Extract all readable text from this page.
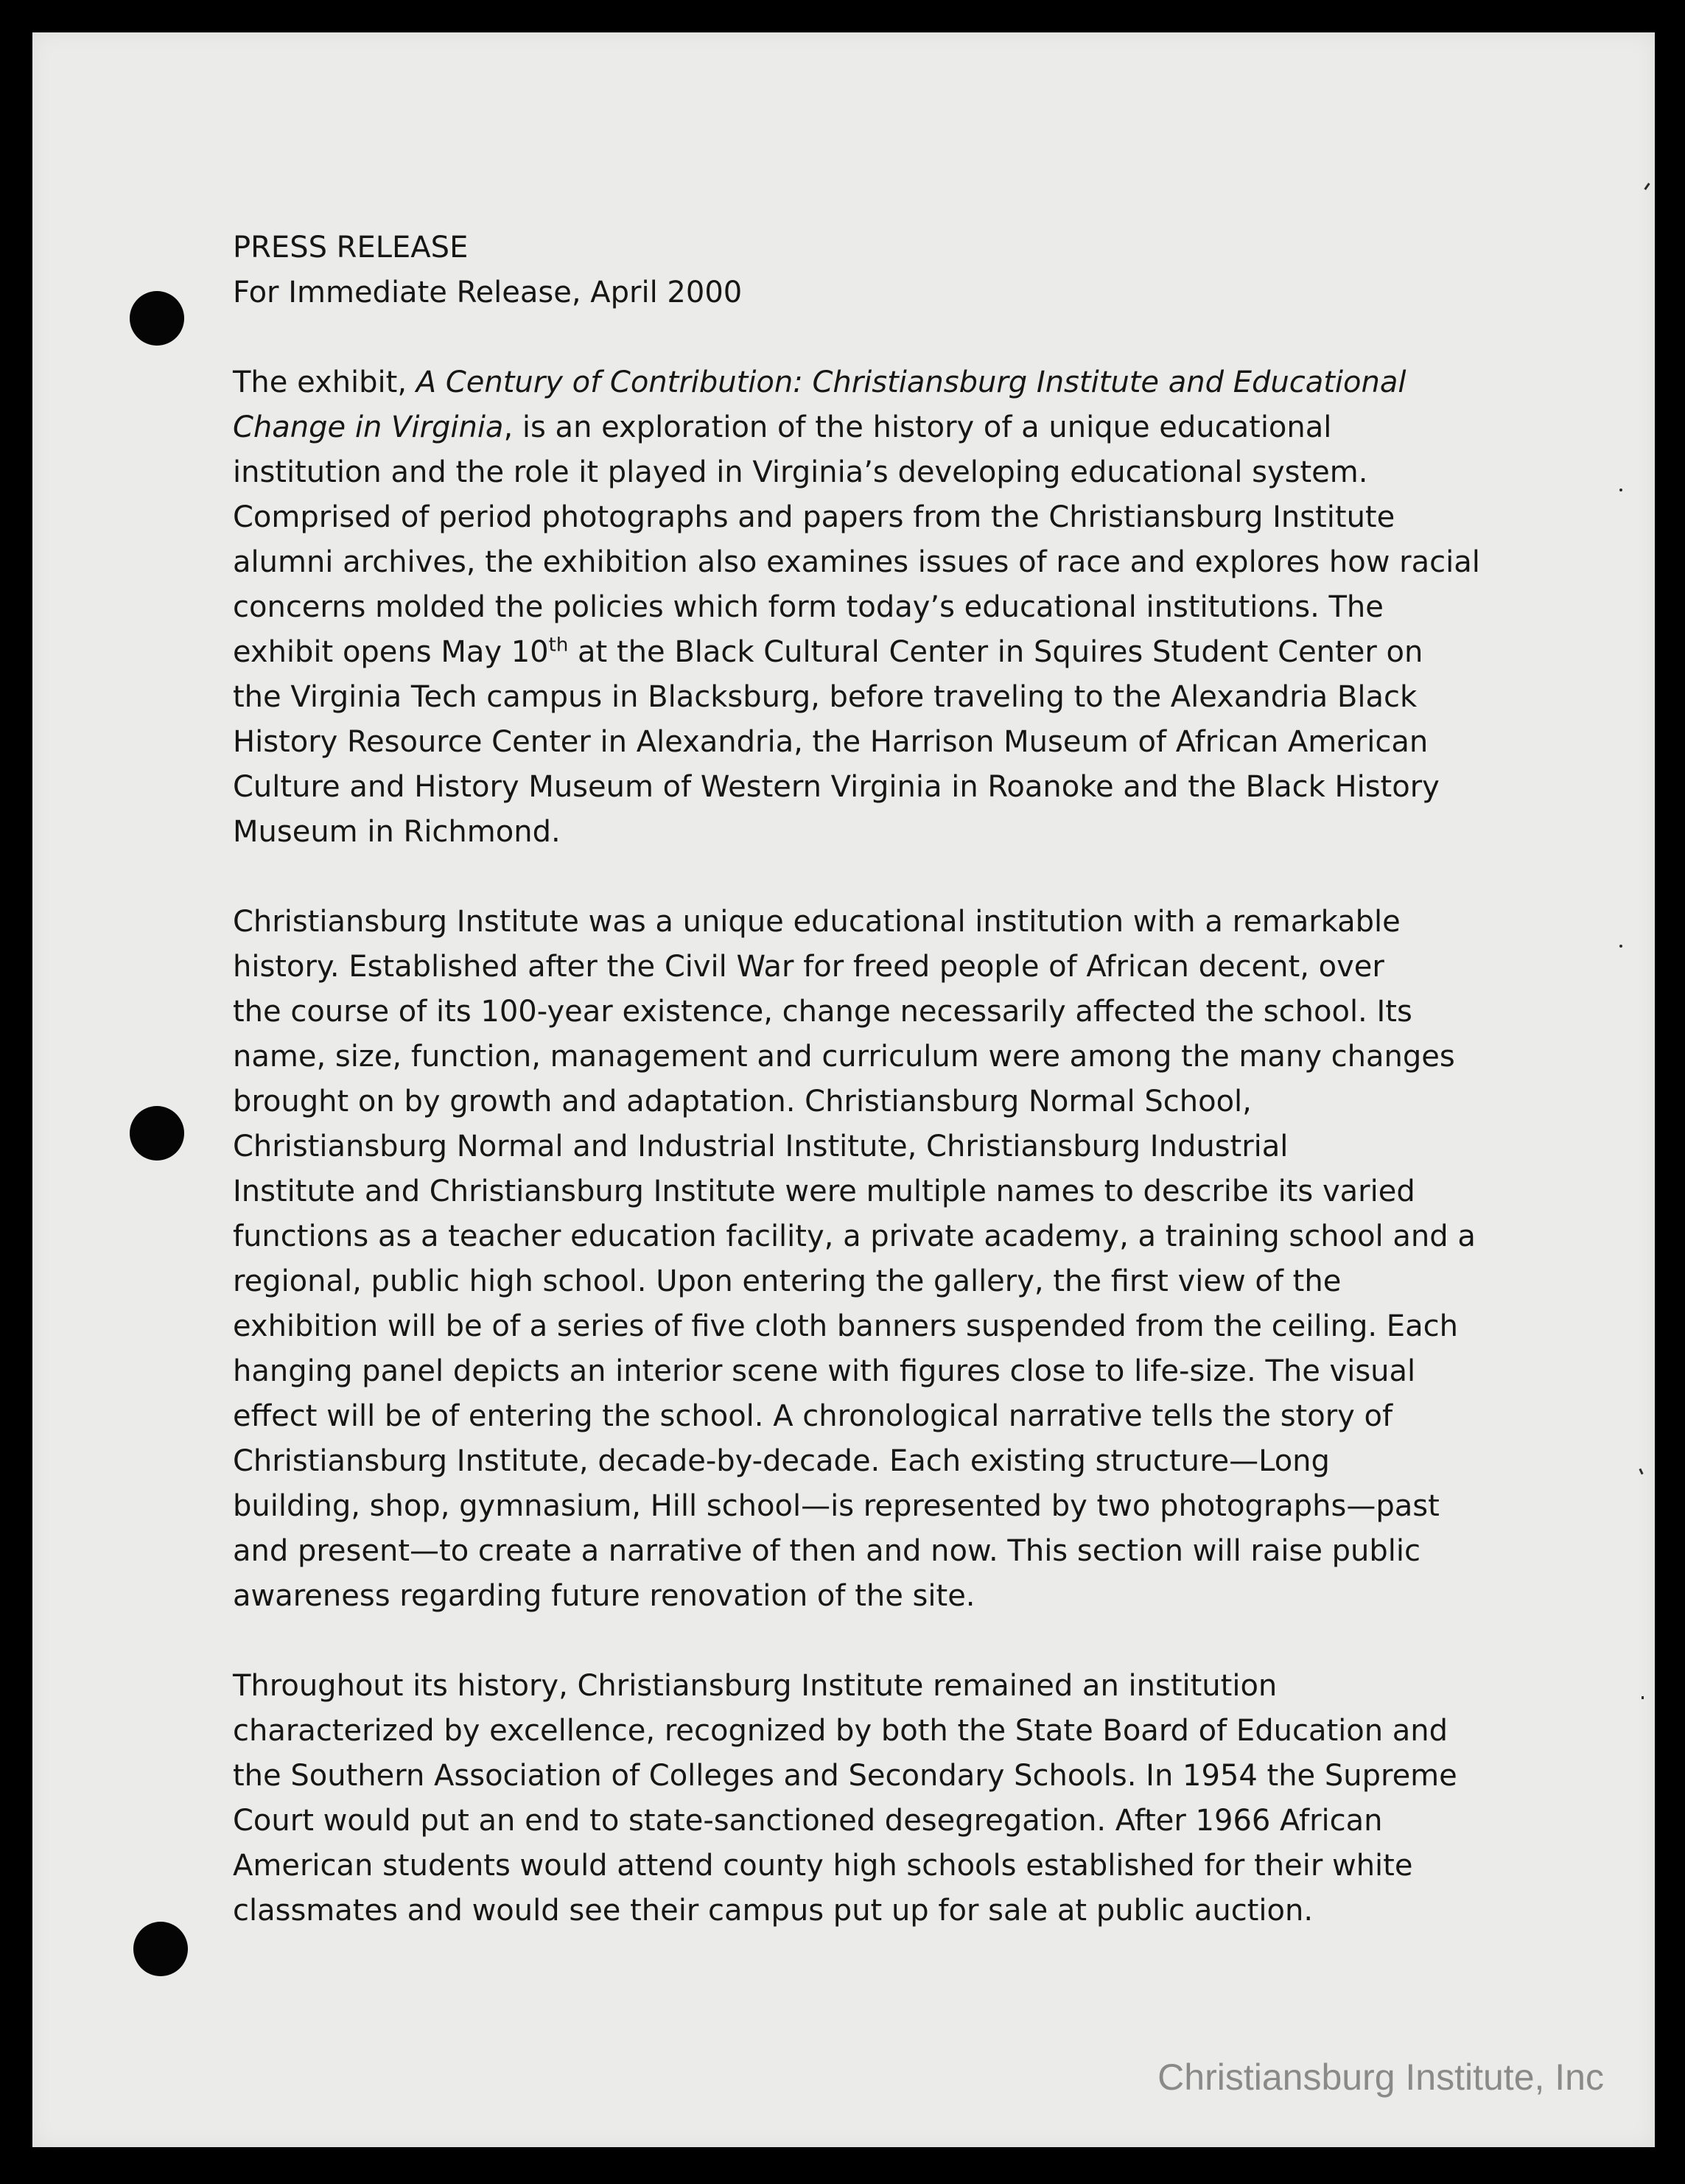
PRESS RELEASE
For Immediate Release, April 2000

The exhibit, A Century of Contribution: Christiansburg Institute and Educational
Change in Virginia, is an exploration of the history of a unique educational
institution and the role it played in Virginia’s developing educational system.
Comprised of period photographs and papers from the Christiansburg Institute
alumni archives, the exhibition also examines issues of race and explores how racial
concerns molded the policies which form today’s educational institutions. The
exhibit opens May 10th at the Black Cultural Center in Squires Student Center on
the Virginia Tech campus in Blacksburg, before traveling to the Alexandria Black
History Resource Center in Alexandria, the Harrison Museum of African American
Culture and History Museum of Western Virginia in Roanoke and the Black History
Museum in Richmond.

Christiansburg Institute was a unique educational institution with a remarkable
history. Established after the Civil War for freed people of African decent, over
the course of its 100-year existence, change necessarily affected the school. Its
name, size, function, management and curriculum were among the many changes
brought on by growth and adaptation. Christiansburg Normal School,
Christiansburg Normal and Industrial Institute, Christiansburg Industrial
Institute and Christiansburg Institute were multiple names to describe its varied
functions as a teacher education facility, a private academy, a training school and a
regional, public high school. Upon entering the gallery, the first view of the
exhibition will be of a series of five cloth banners suspended from the ceiling. Each
hanging panel depicts an interior scene with figures close to life-size. The visual
effect will be of entering the school. A chronological narrative tells the story of
Christiansburg Institute, decade-by-decade. Each existing structure—Long
building, shop, gymnasium, Hill school—is represented by two photographs—past
and present—to create a narrative of then and now. This section will raise public
awareness regarding future renovation of the site.

Throughout its history, Christiansburg Institute remained an institution
characterized by excellence, recognized by both the State Board of Education and
the Southern Association of Colleges and Secondary Schools. In 1954 the Supreme
Court would put an end to state-sanctioned desegregation. After 1966 African
American students would attend county high schools established for their white
classmates and would see their campus put up for sale at public auction.

Christiansburg Institute, Inc
